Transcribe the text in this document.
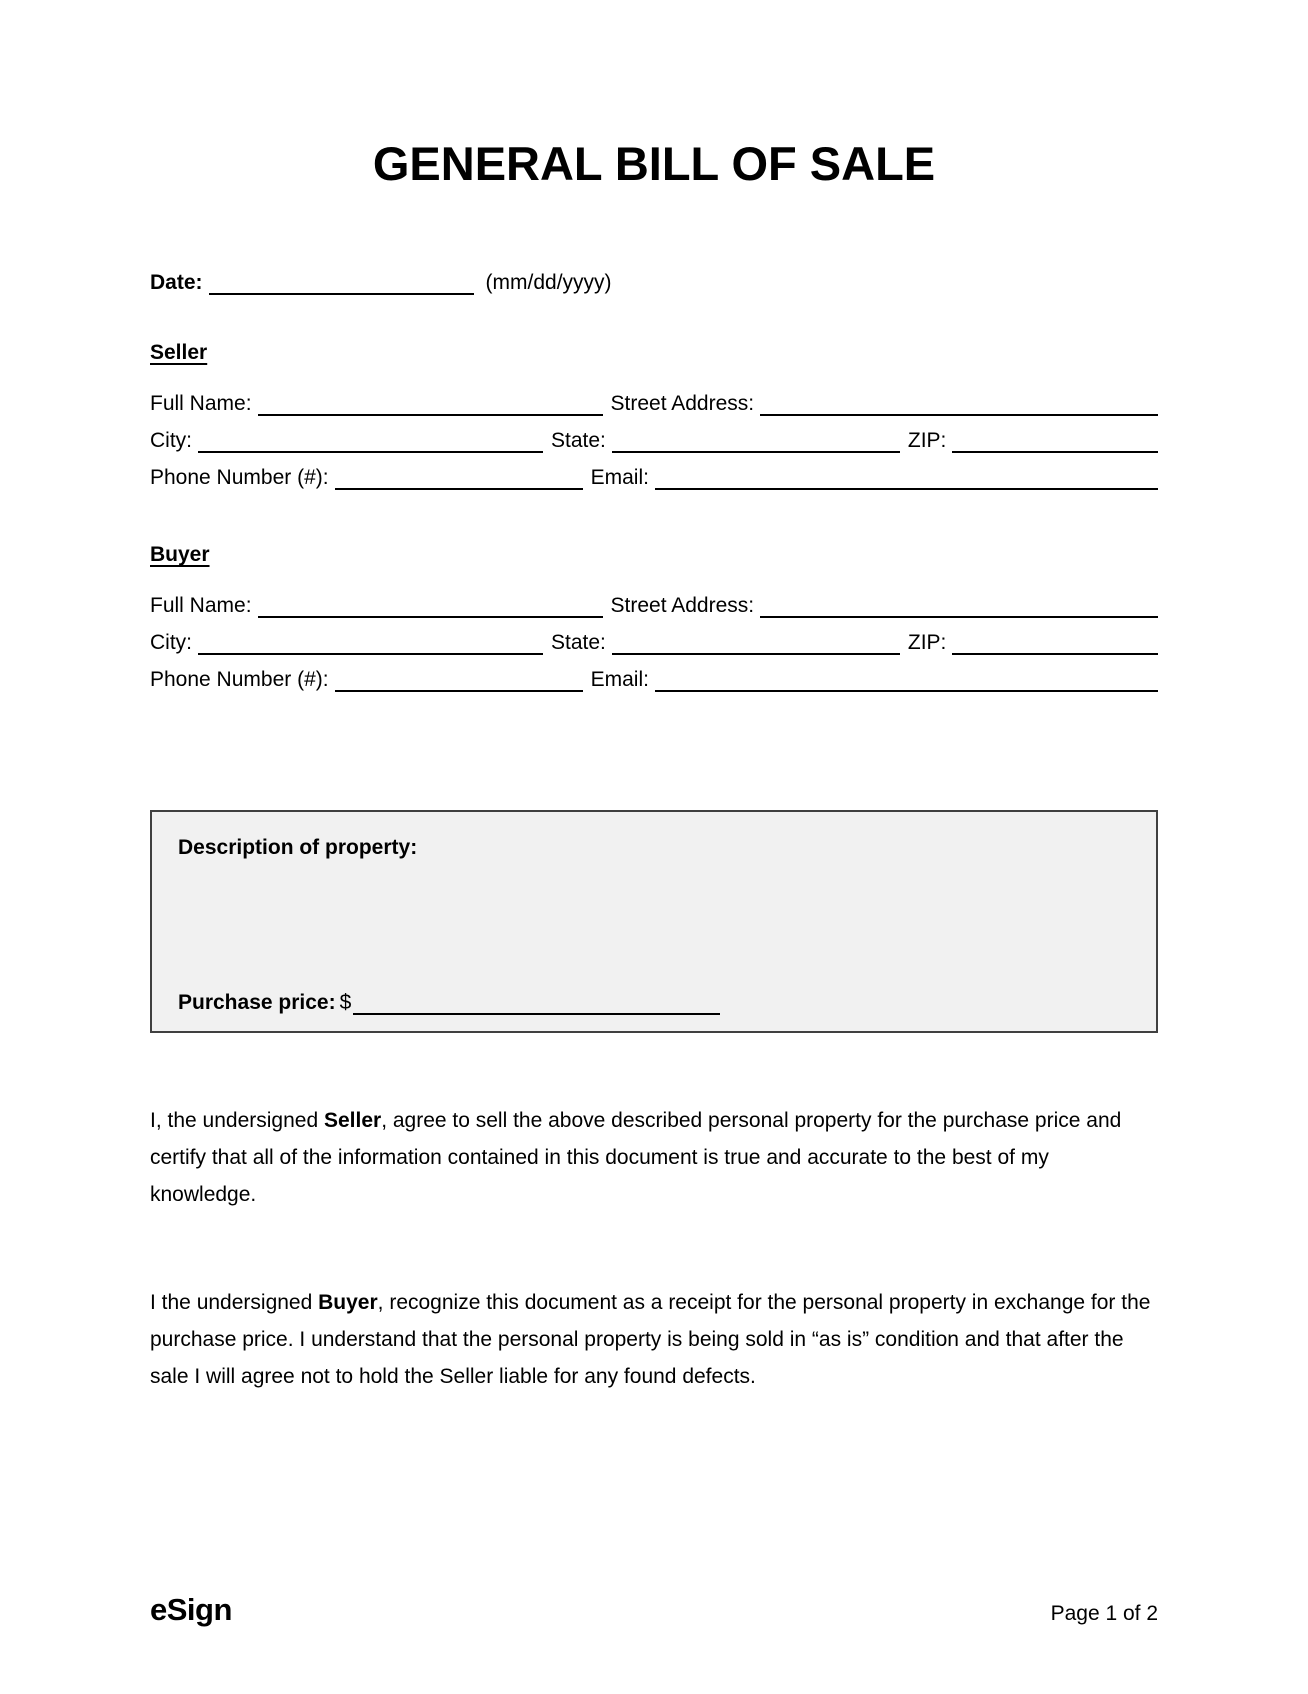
GENERAL BILL OF SALE
Date:	(mm/dd/yyyy)
Seller
Full Name:	Street Address:
City:	State:	ZIP:
Phone Number (#):	Email:
Buyer
Full Name:	Street Address:
City:	State:	ZIP:
Phone Number (#):	Email:
Description of property:
Purchase price: $

I, the undersigned Seller, agree to sell the above described personal property for the purchase price and certify that all of the information contained in this document is true and accurate to the best of my knowledge.

I the undersigned Buyer, recognize this document as a receipt for the personal property in exchange for the purchase price. I understand that the personal property is being sold in “as is” condition and that after the sale I will agree not to hold the Seller liable for any found defects.

eSign	Page 1 of 2
